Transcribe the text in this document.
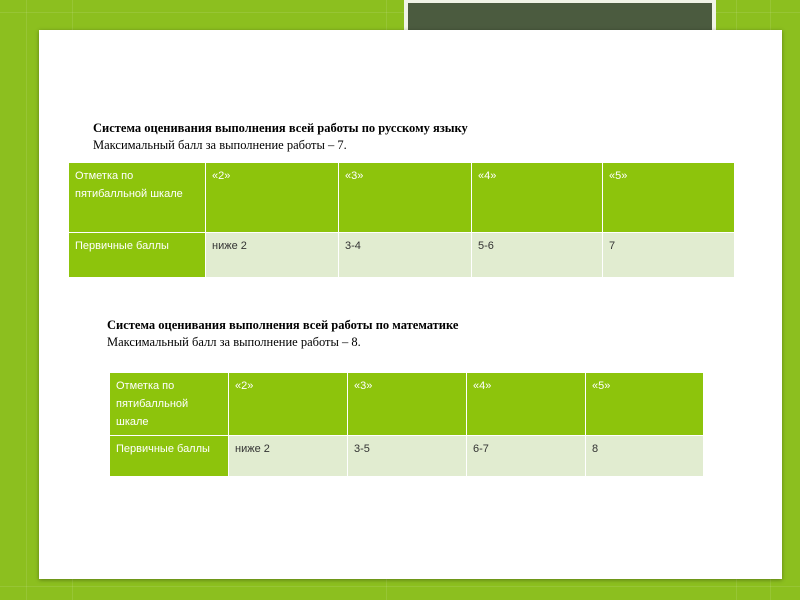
Система оценивания выполнения всей работы по русскому языку
Максимальный балл за выполнение работы – 7.

Отметка по пятибалльной шкале	«2»	«3»	«4»	«5»
Первичные баллы	ниже 2	3-4	5-6	7

Система оценивания выполнения всей работы по математике
Максимальный балл за выполнение работы – 8.

Отметка по пятибалльной шкале	«2»	«3»	«4»	«5»
Первичные баллы	ниже 2	3-5	6-7	8
